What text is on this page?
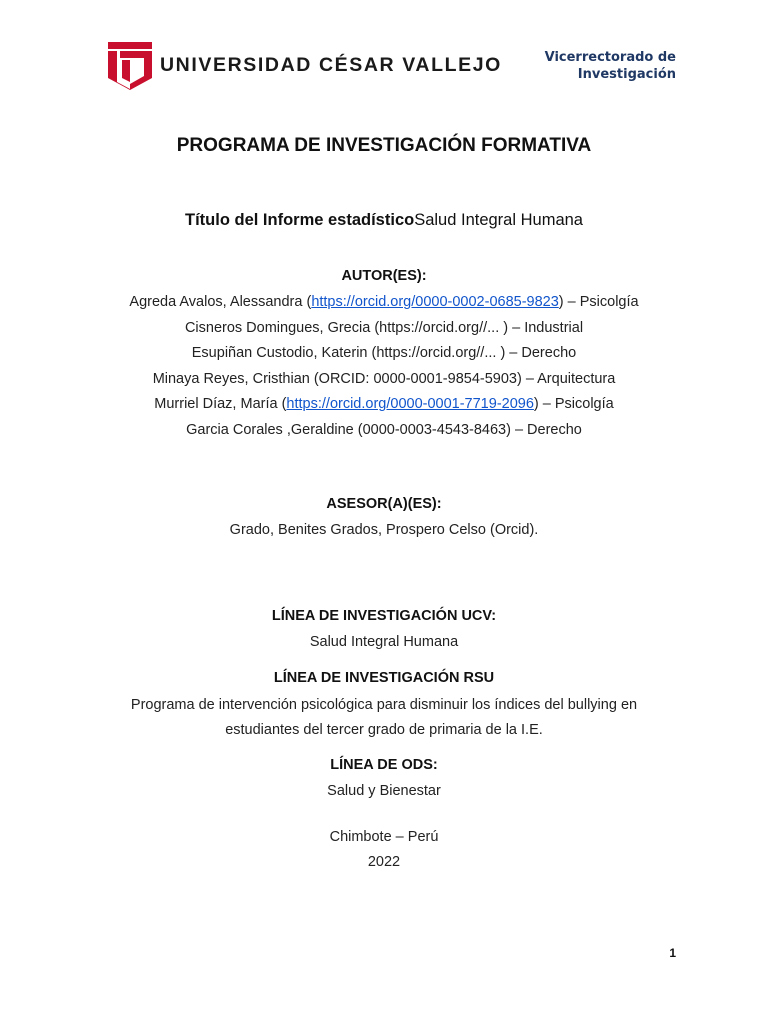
UNIVERSIDAD CÉSAR VALLEJO	Vicerrectorado de
Investigación
PROGRAMA DE INVESTIGACIÓN FORMATIVA
Título del Informe estadísticoSalud Integral Humana
AUTOR(ES):
Agreda Avalos, Alessandra (https://orcid.org/0000-0002-0685-9823) – Psicolgía
Cisneros Domingues, Grecia (https://orcid.org//... ) – Industrial
Esupiñan Custodio, Katerin (https://orcid.org//... ) – Derecho
Minaya Reyes, Cristhian (ORCID: 0000-0001-9854-5903) – Arquitectura
Murriel Díaz, María (https://orcid.org/0000-0001-7719-2096) – Psicolgía
Garcia Corales ,Geraldine (0000-0003-4543-8463) – Derecho
ASESOR(A)(ES):
Grado, Benites Grados, Prospero Celso (Orcid).
LÍNEA DE INVESTIGACIÓN UCV:
Salud Integral Humana
LÍNEA DE INVESTIGACIÓN RSU
Programa de intervención psicológica para disminuir los índices del bullying en
estudiantes del tercer grado de primaria de la I.E.
LÍNEA DE ODS:
Salud y Bienestar
Chimbote – Perú
2022
1
